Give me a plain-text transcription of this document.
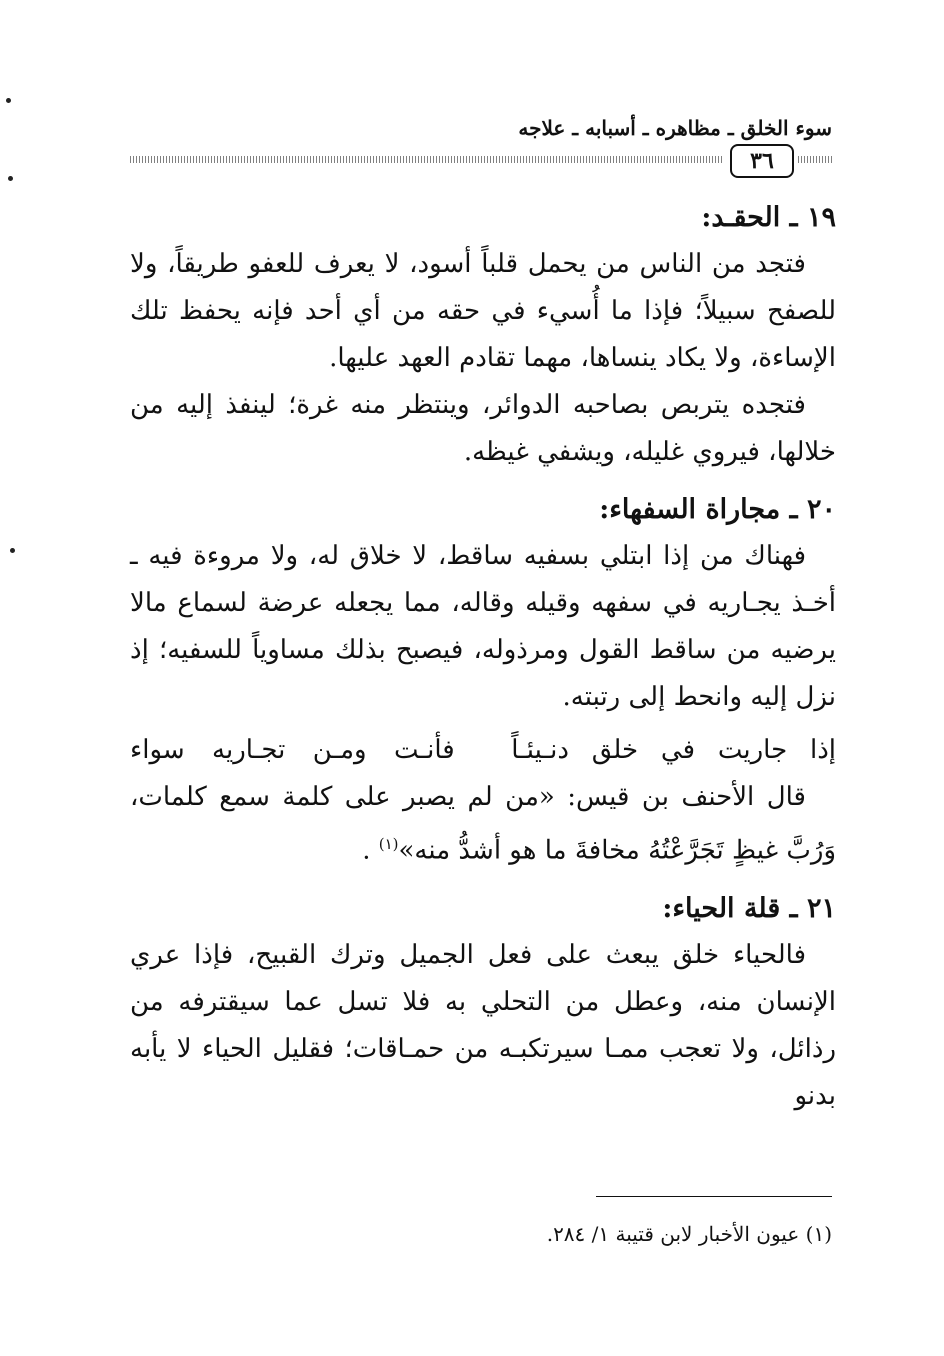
سوء الخلق ـ مظاهره ـ أسبابه ـ علاجه
٣٦
١٩ ـ الحقـد:

فتجد من الناس من يحمل قلباً أسود، لا يعرف للعفو طريقاً، ولا للصفح سبيلاً؛ فإذا ما أُسيء في حقه من أي أحد فإنه يحفظ تلك الإساءة، ولا يكاد ينساها، مهما تقادم العهد عليها.

فتجده يتربص بصاحبه الدوائر، وينتظر منه غرة؛ لينفذ إليه من خلالها، فيروي غليله، ويشفي غيظه.

٢٠ ـ مجاراة السفهاء:

فهناك من إذا ابتلي بسفيه ساقط، لا خلاق له، ولا مروءة فيه ـ أخـذ يجـاريه في سفهه وقيله وقاله، مما يجعله عرضة لسماع مالا يرضيه من ساقط القول ومرذوله، فيصبح بذلك مساوياً للسفيه؛ إذ نزل إليه وانحط إلى رتبته.

إذا جاريت في خلق دنـيئـاً
فأنـت ومـن تجـاريه سواء

قال الأحنف بن قيس: «من لم يصبر على كلمة سمع كلمات، وَرُبَّ غيظٍ تَجَرَّعْتُهُ مخافةَ ما هو أشدُّ منه»$^{(١)}$ .

٢١ ـ قلة الحياء:

فالحياء خلق يبعث على فعل الجميل وترك القبيح، فإذا عري الإنسان منه، وعطل من التحلي به فلا تسل عما سيقترفه من رذائل، ولا تعجب ممـا سيرتكبـه من حمـاقات؛ فقليل الحياء لا يأبه بدنو

(١) عيون الأخبار لابن قتيبة ١/ ٢٨٤.
